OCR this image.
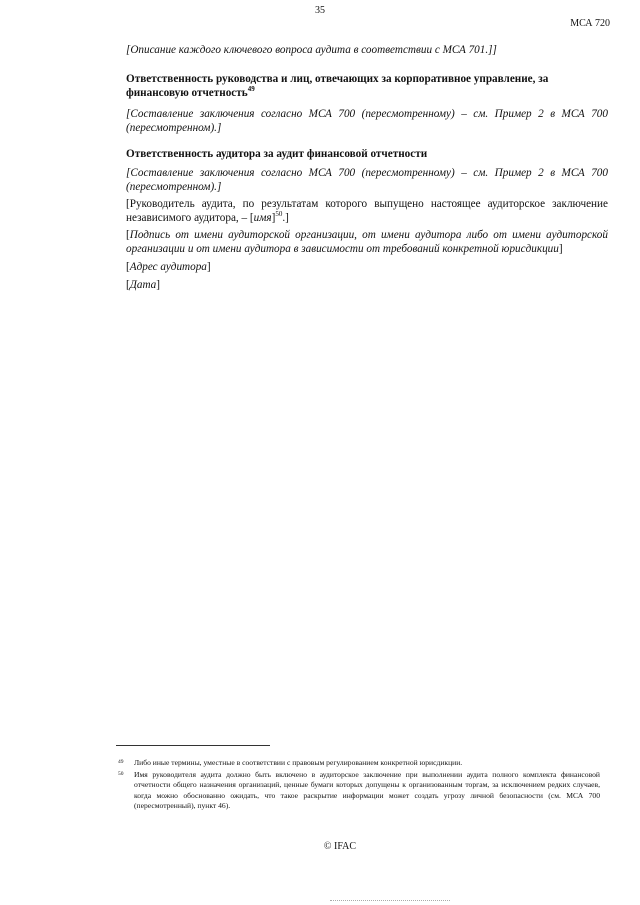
35
МСА 720
[Описание каждого ключевого вопроса аудита в соответствии с МСА 701.]]
Ответственность руководства и лиц, отвечающих за корпоративное управление, за финансовую отчетность$^{49}$
[Составление заключения согласно МСА 700 (пересмотренному) – см. Пример 2 в МСА 700 (пересмотренном).]
Ответственность аудитора за аудит финансовой отчетности
[Составление заключения согласно МСА 700 (пересмотренному) – см. Пример 2 в МСА 700 (пересмотренном).]
[Руководитель аудита, по результатам которого выпущено настоящее аудиторское заключение независимого аудитора, – [имя]$^{50}$.]
[Подпись от имени аудиторской организации, от имени аудитора либо от имени аудиторской организации и от имени аудитора в зависимости от требований конкретной юрисдикции]
[Адрес аудитора]
[Дата]
49	Либо иные термины, уместные в соответствии с правовым регулированием конкретной юрисдикции.
50	Имя руководителя аудита должно быть включено в аудиторское заключение при выполнении аудита полного комплекта финансовой отчетности общего назначения организаций, ценные бумаги которых допущены к организованным торгам, за исключением редких случаев, когда можно обоснованно ожидать, что такое раскрытие информации может создать угрозу личной безопасности (см. МСА 700 (пересмотренный), пункт 46).
© IFAC
